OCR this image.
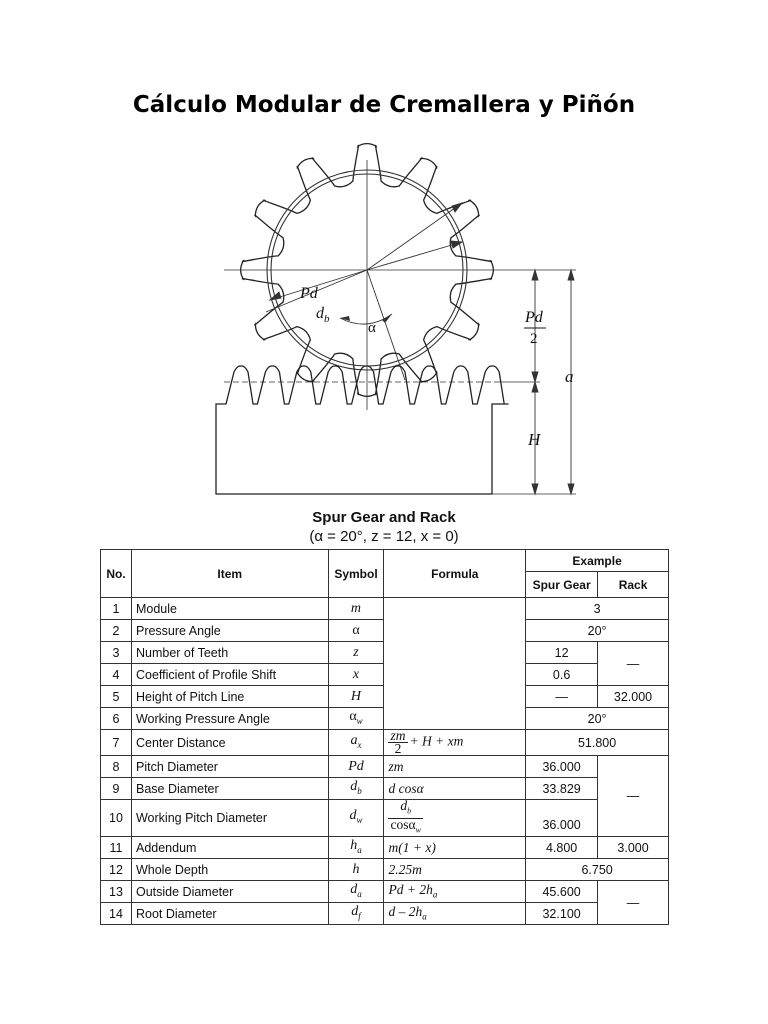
Cálculo Modular de Cremallera y Piñón
Pd
$d_b$
α
Pd
2
a
H
Spur Gear and Rack
(α = 20°, z = 12, x = 0)
No.	Item	Symbol	Formula	Example	
				Spur Gear	Rack
1	Module	m		3	
2	Pressure Angle	α		20°	
3	Number of Teeth	z		12	—
4	Coefficient of Profile Shift	x		0.6	
5	Height of Pitch Line	H		—	32.000
6	Working Pressure Angle	$\alpha_w$		20°	
7	Center Distance	$a_x$	$\frac{zm}{2} + H$ + xm	51.800	
8	Pitch Diameter	Pd	zm	36.000	—
9	Base Diameter	$d_b$	d cosα	33.829	
10	Working Pitch Diameter	$d_w$	$\frac{d_b}{\cos\alpha_w}$	36.000	
11	Addendum	$h_a$	m(1 + x)	4.800	3.000
12	Whole Depth	h	2.25m	6.750	
13	Outside Diameter	$d_a$	$Pd + 2h_a$	45.600	—
14	Root Diameter	$d_f$	d – $2h_a$	32.100	
